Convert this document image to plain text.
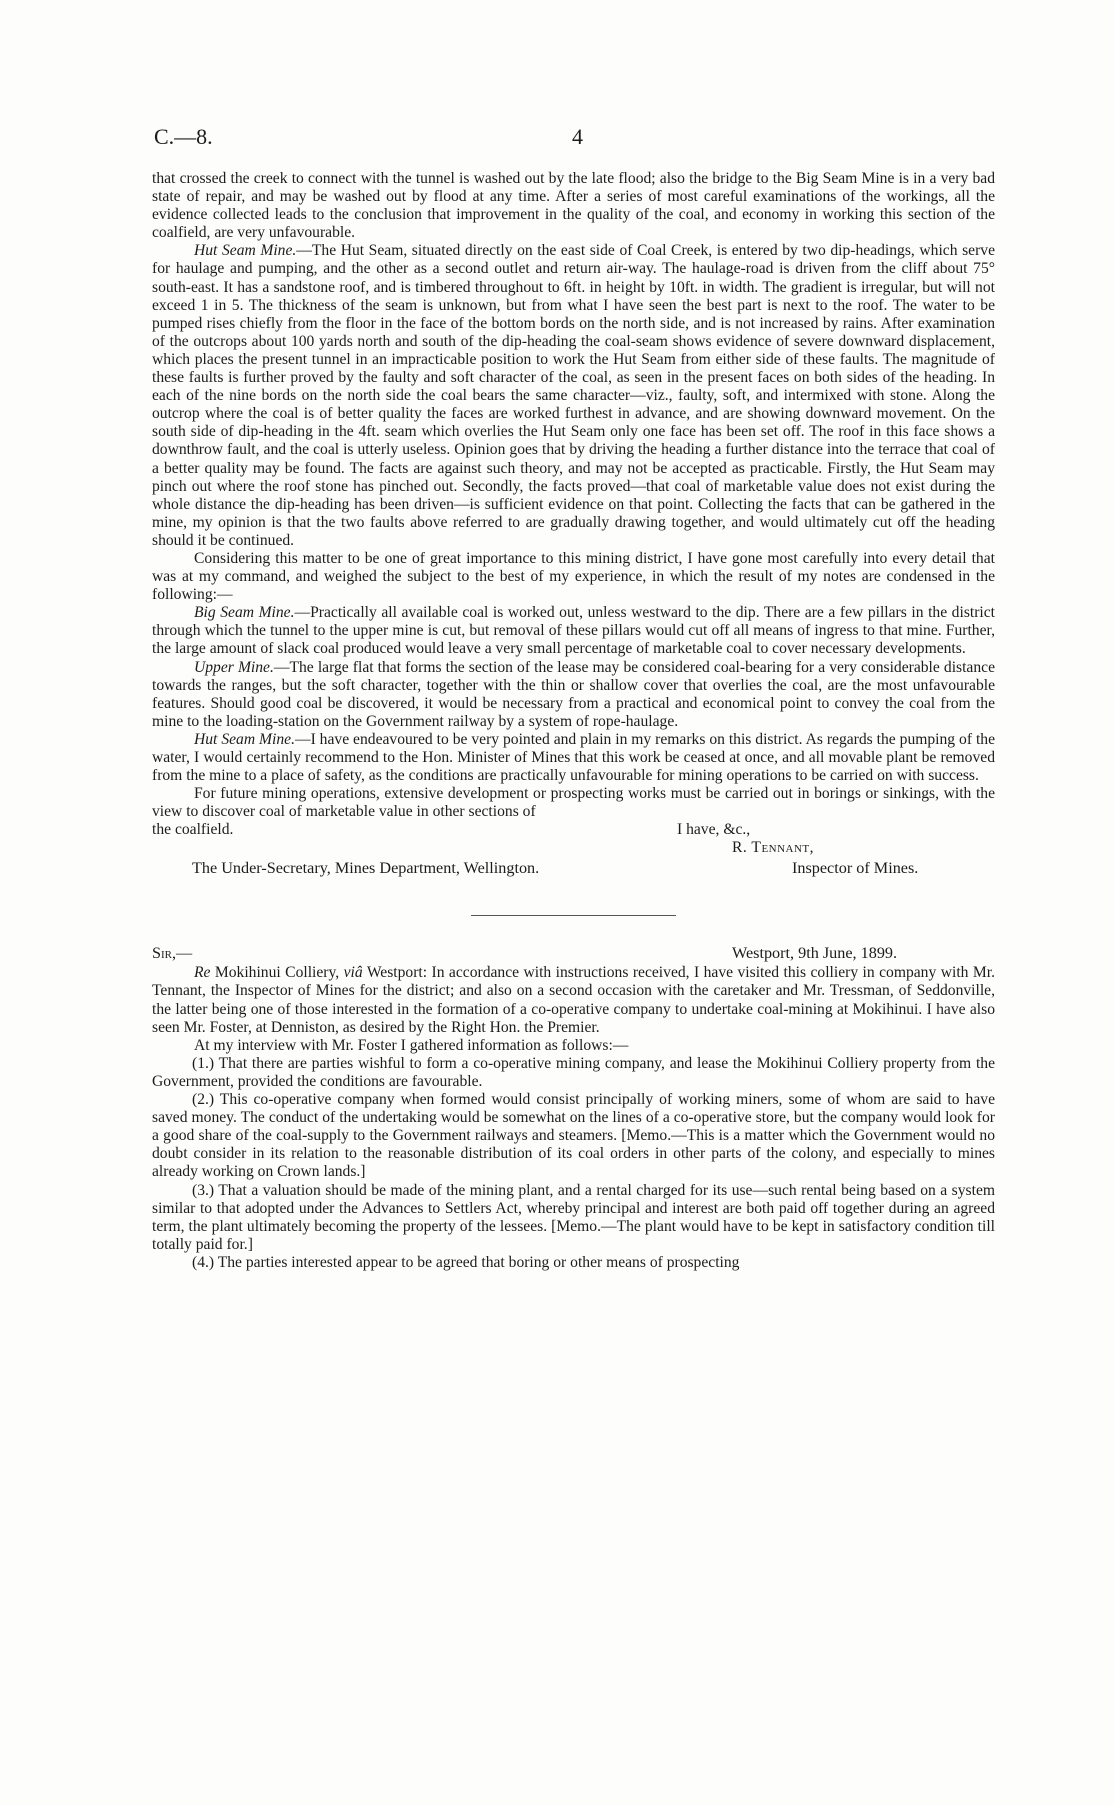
C.—8.	4

that crossed the creek to connect with the tunnel is washed out by the late flood; also the bridge to the Big Seam Mine is in a very bad state of repair, and may be washed out by flood at any time. After a series of most careful examinations of the workings, all the evidence collected leads to the conclusion that improvement in the quality of the coal, and economy in working this section of the coalfield, are very unfavourable.

Hut Seam Mine.—The Hut Seam, situated directly on the east side of Coal Creek, is entered by two dip-headings, which serve for haulage and pumping, and the other as a second outlet and return air-way. The haulage-road is driven from the cliff about 75° south-east. It has a sandstone roof, and is timbered throughout to 6ft. in height by 10ft. in width. The gradient is irregular, but will not exceed 1 in 5. The thickness of the seam is unknown, but from what I have seen the best part is next to the roof. The water to be pumped rises chiefly from the floor in the face of the bottom bords on the north side, and is not increased by rains. After examination of the outcrops about 100 yards north and south of the dip-heading the coal-seam shows evidence of severe downward displacement, which places the present tunnel in an impracticable position to work the Hut Seam from either side of these faults. The magnitude of these faults is further proved by the faulty and soft character of the coal, as seen in the present faces on both sides of the heading. In each of the nine bords on the north side the coal bears the same character—viz., faulty, soft, and intermixed with stone. Along the outcrop where the coal is of better quality the faces are worked furthest in advance, and are showing downward movement. On the south side of dip-heading in the 4ft. seam which overlies the Hut Seam only one face has been set off. The roof in this face shows a downthrow fault, and the coal is utterly useless. Opinion goes that by driving the heading a further distance into the terrace that coal of a better quality may be found. The facts are against such theory, and may not be accepted as practicable. Firstly, the Hut Seam may pinch out where the roof stone has pinched out. Secondly, the facts proved—that coal of marketable value does not exist during the whole distance the dip-heading has been driven—is sufficient evidence on that point. Collecting the facts that can be gathered in the mine, my opinion is that the two faults above referred to are gradually drawing together, and would ultimately cut off the heading should it be continued.

Considering this matter to be one of great importance to this mining district, I have gone most carefully into every detail that was at my command, and weighed the subject to the best of my experience, in which the result of my notes are condensed in the following:—

Big Seam Mine.—Practically all available coal is worked out, unless westward to the dip. There are a few pillars in the district through which the tunnel to the upper mine is cut, but removal of these pillars would cut off all means of ingress to that mine. Further, the large amount of slack coal produced would leave a very small percentage of marketable coal to cover necessary developments.

Upper Mine.—The large flat that forms the section of the lease may be considered coal-bearing for a very considerable distance towards the ranges, but the soft character, together with the thin or shallow cover that overlies the coal, are the most unfavourable features. Should good coal be discovered, it would be necessary from a practical and economical point to convey the coal from the mine to the loading-station on the Government railway by a system of rope-haulage.

Hut Seam Mine.—I have endeavoured to be very pointed and plain in my remarks on this district. As regards the pumping of the water, I would certainly recommend to the Hon. Minister of Mines that this work be ceased at once, and all movable plant be removed from the mine to a place of safety, as the conditions are practically unfavourable for mining operations to be carried on with success.

For future mining operations, extensive development or prospecting works must be carried out in borings or sinkings, with the view to discover coal of marketable value in other sections of

the coalfield.	I have, &c.,
R. Tennant,
The Under-Secretary, Mines Department, Wellington.	Inspector of Mines.
Sir,—	Westport, 9th June, 1899.

Re Mokihinui Colliery, viâ Westport: In accordance with instructions received, I have visited this colliery in company with Mr. Tennant, the Inspector of Mines for the district; and also on a second occasion with the caretaker and Mr. Tressman, of Seddonville, the latter being one of those interested in the formation of a co-operative company to undertake coal-mining at Mokihinui. I have also seen Mr. Foster, at Denniston, as desired by the Right Hon. the Premier.

At my interview with Mr. Foster I gathered information as follows:—

(1.) That there are parties wishful to form a co-operative mining company, and lease the Mokihinui Colliery property from the Government, provided the conditions are favourable.

(2.) This co-operative company when formed would consist principally of working miners, some of whom are said to have saved money. The conduct of the undertaking would be somewhat on the lines of a co-operative store, but the company would look for a good share of the coal-supply to the Government railways and steamers. [Memo.—This is a matter which the Government would no doubt consider in its relation to the reasonable distribution of its coal orders in other parts of the colony, and especially to mines already working on Crown lands.]

(3.) That a valuation should be made of the mining plant, and a rental charged for its use—such rental being based on a system similar to that adopted under the Advances to Settlers Act, whereby principal and interest are both paid off together during an agreed term, the plant ultimately becoming the property of the lessees. [Memo.—The plant would have to be kept in satisfactory condition till totally paid for.]

(4.) The parties interested appear to be agreed that boring or other means of prospecting
